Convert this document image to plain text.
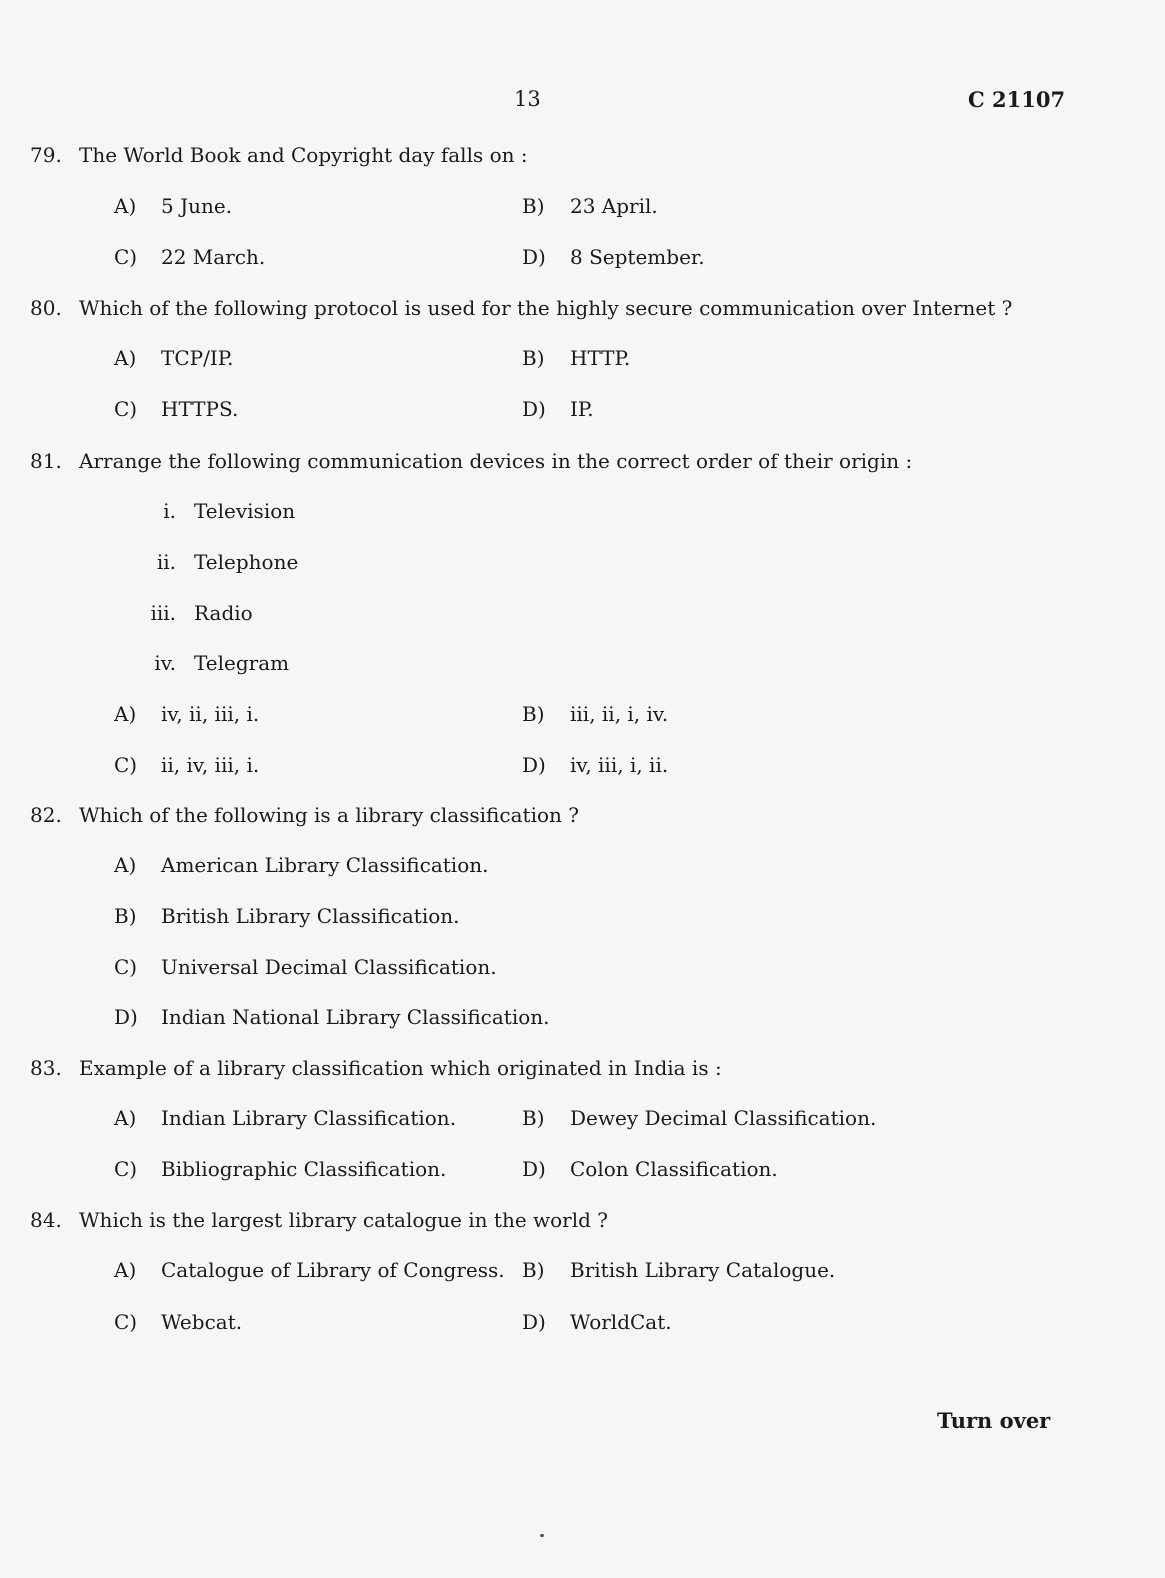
13	C 21107
79. The World Book and Copyright day falls on :
A) 5 June.	B) 23 April.
C) 22 March.	D) 8 September.
80. Which of the following protocol is used for the highly secure communication over Internet ?
A) TCP/IP.	B) HTTP.
C) HTTPS.	D) IP.
81. Arrange the following communication devices in the correct order of their origin :
i. Television
ii. Telephone
iii. Radio
iv. Telegram
A) iv, ii, iii, i.	B) iii, ii, i, iv.
C) ii, iv, iii, i.	D) iv, iii, i, ii.
82. Which of the following is a library classification ?
A) American Library Classification.
B) British Library Classification.
C) Universal Decimal Classification.
D) Indian National Library Classification.
83. Example of a library classification which originated in India is :
A) Indian Library Classification.	B) Dewey Decimal Classification.
C) Bibliographic Classification.	D) Colon Classification.
84. Which is the largest library catalogue in the world ?
A) Catalogue of Library of Congress. B) British Library Catalogue.
C) Webcat.	D) WorldCat.
Turn over
